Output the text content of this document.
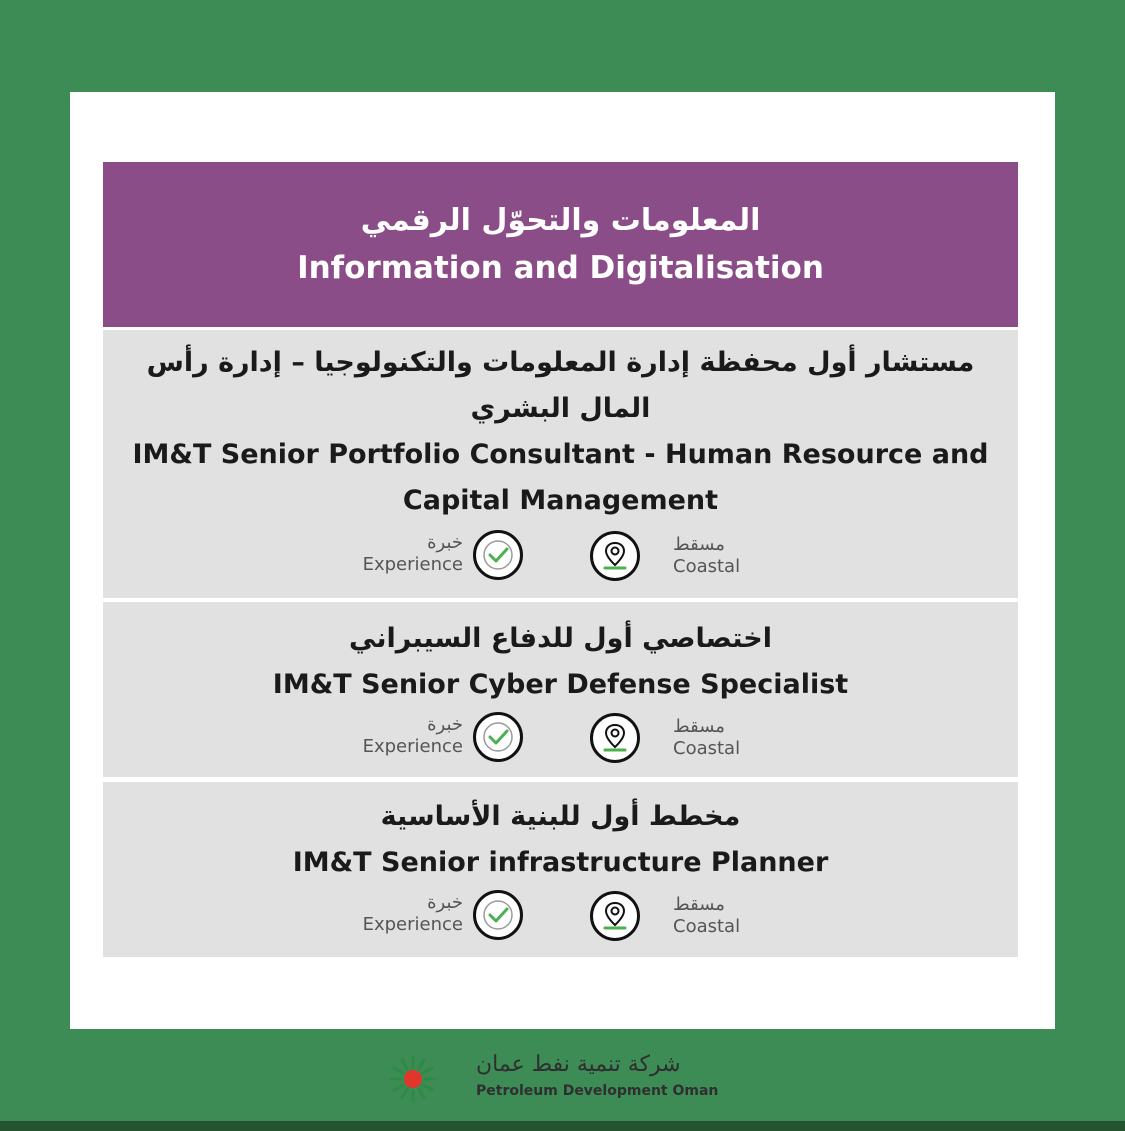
المعلومات والتحوّل الرقمي
Information and Digitalisation
مستشار أول محفظة إدارة المعلومات والتكنولوجيا – إدارة رأس المال البشري
IM&T Senior Portfolio Consultant - Human Resource and Capital Management
خبرة
Experience
مسقط
Coastal
اختصاصي أول للدفاع السيبراني
IM&T Senior Cyber Defense Specialist
خبرة
Experience
مسقط
Coastal
مخطط أول للبنية الأساسية
IM&T Senior infrastructure Planner
خبرة
Experience
مسقط
Coastal
شركة تنمية نفط عمان
Petroleum Development Oman
